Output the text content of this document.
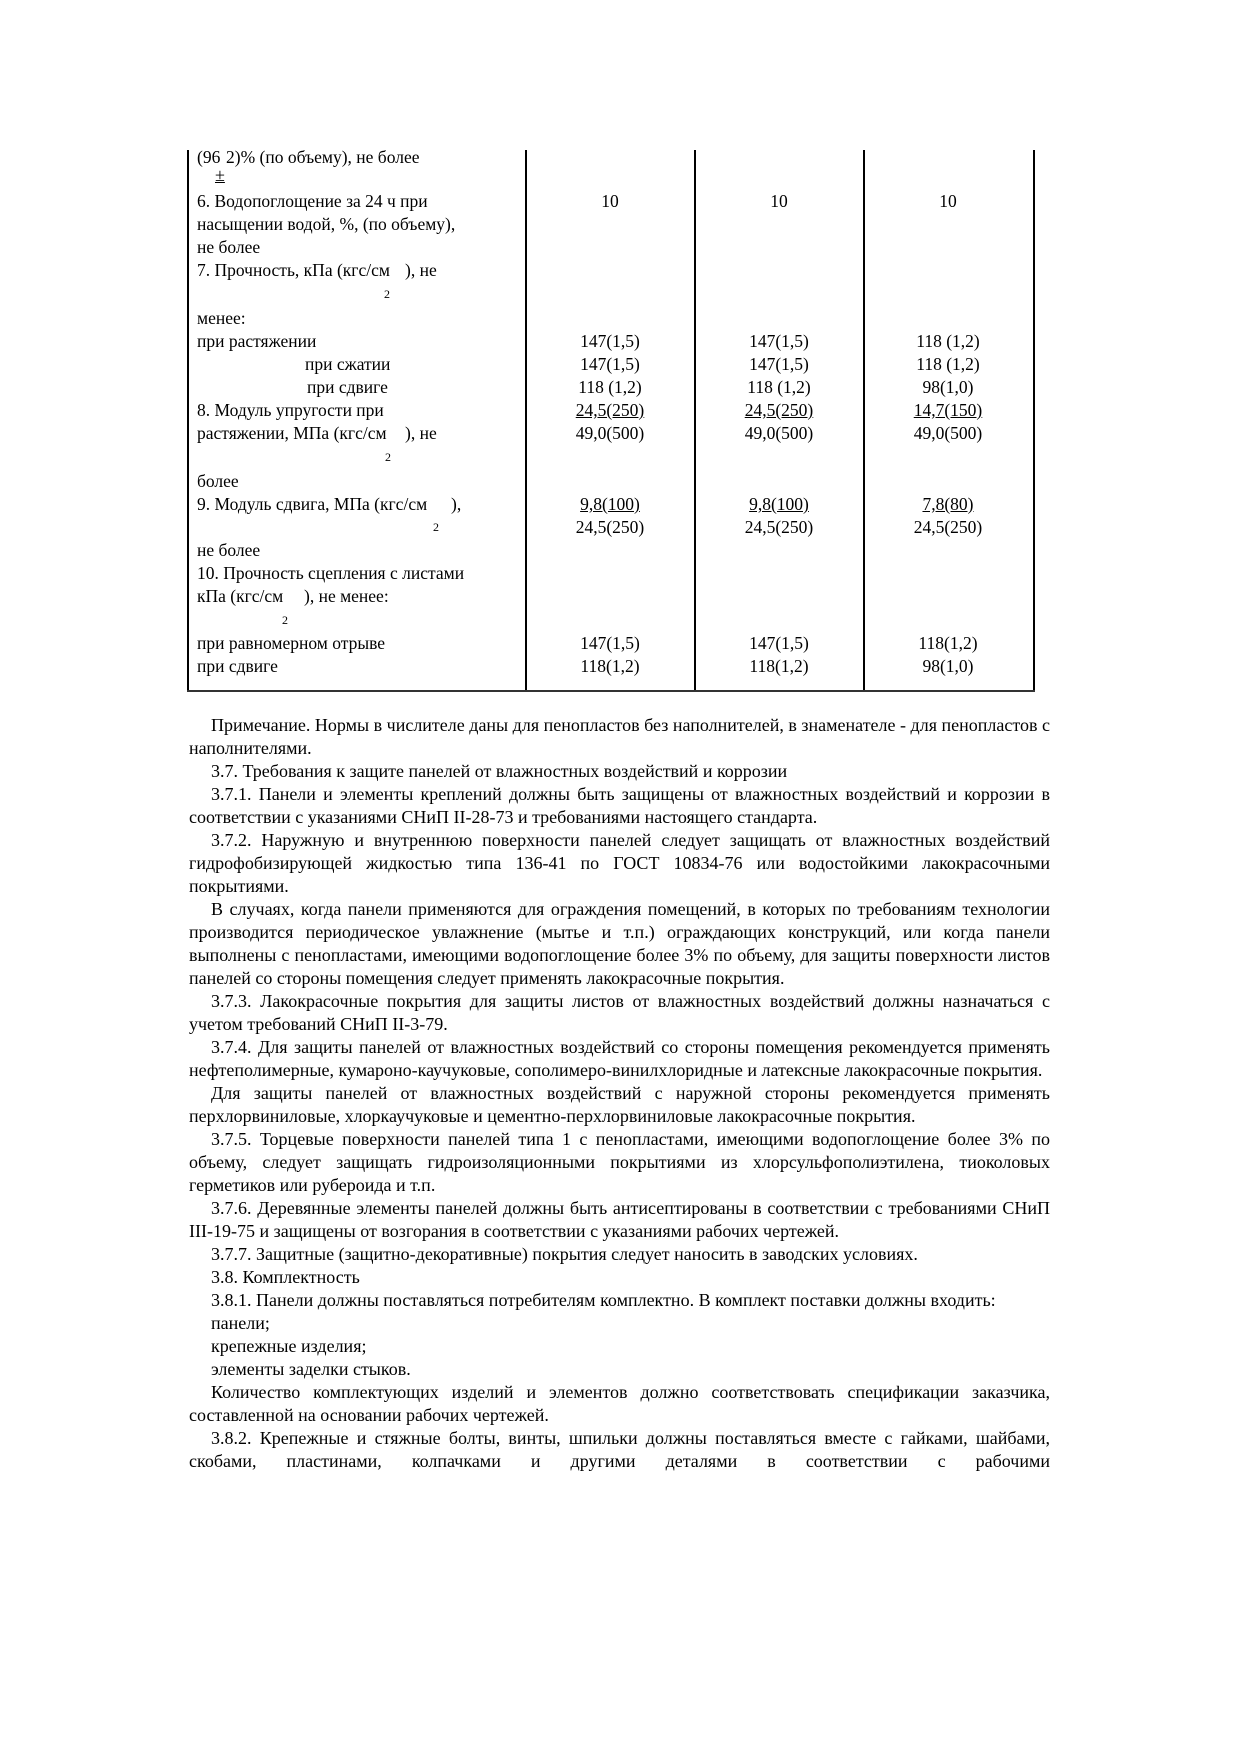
(96 2)% (по объему), не более
6. Водопоглощение за 24 ч при
насыщении водой, %, (по объему),
не более
7. Прочность, кПа (кгс/см ), не
менее:
при растяжении
при сжатии
при сдвиге
8. Модуль упругости при
растяжении, МПа (кгс/см ), не
более
9. Модуль сдвига, МПа (кгс/см ),
не более
10. Прочность сцепления с листами
кПа (кгс/см ), не менее:
при равномерном отрыве
при сдвиге
±
2
2
2
2
10
147(1,5)
147(1,5)
118 (1,2)
24,5(250)
49,0(500)
9,8(100)
24,5(250)
147(1,5)
118(1,2)
10
147(1,5)
147(1,5)
118 (1,2)
24,5(250)
49,0(500)
9,8(100)
24,5(250)
147(1,5)
118(1,2)
10
118 (1,2)
118 (1,2)
98(1,0)
14,7(150)
49,0(500)
7,8(80)
24,5(250)
118(1,2)
98(1,0)

Примечание. Нормы в числителе даны для пенопластов без наполнителей, в знаменателе - для пенопластов с наполнителями.

3.7. Требования к защите панелей от влажностных воздействий и коррозии

3.7.1. Панели и элементы креплений должны быть защищены от влажностных воздействий и коррозии в соответствии с указаниями СНиП II-28-73 и требованиями настоящего стандарта.

3.7.2. Наружную и внутреннюю поверхности панелей следует защищать от влажностных воздействий гидрофобизирующей жидкостью типа 136-41 по ГОСТ 10834-76 или водостойкими лакокрасочными покрытиями.

В случаях, когда панели применяются для ограждения помещений, в которых по требованиям технологии производится периодическое увлажнение (мытье и т.п.) ограждающих конструкций, или когда панели выполнены с пенопластами, имеющими водопоглощение более 3% по объему, для защиты поверхности листов панелей со стороны помещения следует применять лакокрасочные покрытия.

3.7.3. Лакокрасочные покрытия для защиты листов от влажностных воздействий должны назначаться с учетом требований СНиП II-3-79.

3.7.4. Для защиты панелей от влажностных воздействий со стороны помещения рекомендуется применять нефтеполимерные, кумароно-каучуковые, сополимеро-винилхлоридные и латексные лакокрасочные покрытия.

Для защиты панелей от влажностных воздействий с наружной стороны рекомендуется применять перхлорвиниловые, хлоркаучуковые и цементно-перхлорвиниловые лакокрасочные покрытия.

3.7.5. Торцевые поверхности панелей типа 1 с пенопластами, имеющими водопоглощение более 3% по объему, следует защищать гидроизоляционными покрытиями из хлорсульфополиэтилена, тиоколовых герметиков или рубероида и т.п.

3.7.6. Деревянные элементы панелей должны быть антисептированы в соответствии с требованиями СНиП III-19-75 и защищены от возгорания в соответствии с указаниями рабочих чертежей.

3.7.7. Защитные (защитно-декоративные) покрытия следует наносить в заводских условиях.

3.8. Комплектность

3.8.1. Панели должны поставляться потребителям комплектно. В комплект поставки должны входить:

панели;

крепежные изделия;

элементы заделки стыков.

Количество комплектующих изделий и элементов должно соответствовать спецификации заказчика, составленной на основании рабочих чертежей.

3.8.2. Крепежные и стяжные болты, винты, шпильки должны поставляться вместе с гайками, шайбами, скобами, пластинами, колпачками и другими деталями в соответствии с рабочими
